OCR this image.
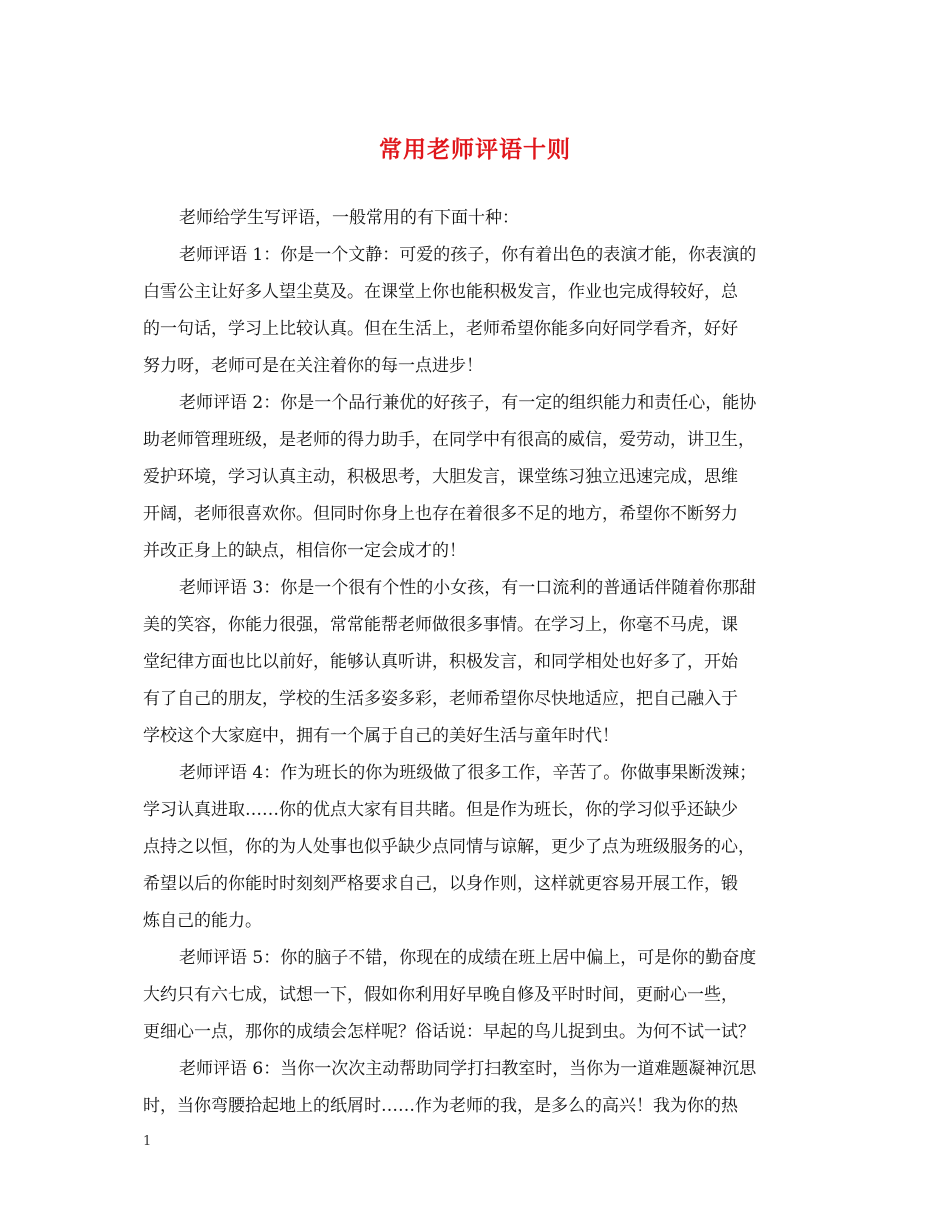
常用老师评语十则
老师给学生写评语，一般常用的有下面十种：
老师评语 1：你是一个文静：可爱的孩子，你有着出色的表演才能，你表演的
白雪公主让好多人望尘莫及。在课堂上你也能积极发言，作业也完成得较好，总
的一句话，学习上比较认真。但在生活上，老师希望你能多向好同学看齐，好好
努力呀，老师可是在关注着你的每一点进步！
老师评语 2：你是一个品行兼优的好孩子，有一定的组织能力和责任心，能协
助老师管理班级，是老师的得力助手，在同学中有很高的威信，爱劳动，讲卫生，
爱护环境，学习认真主动，积极思考，大胆发言，课堂练习独立迅速完成，思维
开阔，老师很喜欢你。但同时你身上也存在着很多不足的地方，希望你不断努力
并改正身上的缺点，相信你一定会成才的！
老师评语 3：你是一个很有个性的小女孩，有一口流利的普通话伴随着你那甜
美的笑容，你能力很强，常常能帮老师做很多事情。在学习上，你毫不马虎，课
堂纪律方面也比以前好，能够认真听讲，积极发言，和同学相处也好多了，开始
有了自己的朋友，学校的生活多姿多彩，老师希望你尽快地适应，把自己融入于
学校这个大家庭中，拥有一个属于自己的美好生活与童年时代！
老师评语 4：作为班长的你为班级做了很多工作，辛苦了。你做事果断泼辣；
学习认真进取……你的优点大家有目共睹。但是作为班长，你的学习似乎还缺少
点持之以恒，你的为人处事也似乎缺少点同情与谅解，更少了点为班级服务的心，
希望以后的你能时时刻刻严格要求自己，以身作则，这样就更容易开展工作，锻
炼自己的能力。
老师评语 5：你的脑子不错，你现在的成绩在班上居中偏上，可是你的勤奋度
大约只有六七成，试想一下，假如你利用好早晚自修及平时时间，更耐心一些，
更细心一点，那你的成绩会怎样呢？俗话说：早起的鸟儿捉到虫。为何不试一试？
老师评语 6：当你一次次主动帮助同学打扫教室时，当你为一道难题凝神沉思
时，当你弯腰拾起地上的纸屑时……作为老师的我，是多么的高兴！我为你的热
1
